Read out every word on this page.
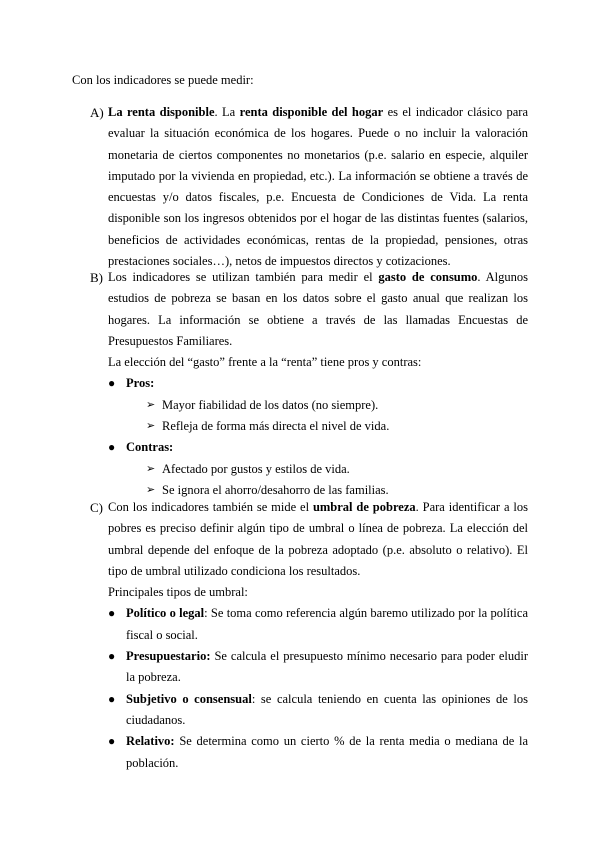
Con los indicadores se puede medir:

A) La renta disponible. La renta disponible del hogar es el indicador clásico para evaluar la situación económica de los hogares. Puede o no incluir la valoración monetaria de ciertos componentes no monetarios (p.e. salario en especie, alquiler imputado por la vivienda en propiedad, etc.). La información se obtiene a través de encuestas y/o datos fiscales, p.e. Encuesta de Condiciones de Vida. La renta disponible son los ingresos obtenidos por el hogar de las distintas fuentes (salarios, beneficios de actividades económicas, rentas de la propiedad, pensiones, otras prestaciones sociales…), netos de impuestos directos y cotizaciones.

B) Los indicadores se utilizan también para medir el gasto de consumo. Algunos estudios de pobreza se basan en los datos sobre el gasto anual que realizan los hogares. La información se obtiene a través de las llamadas Encuestas de Presupuestos Familiares.

La elección del “gasto” frente a la “renta” tiene pros y contras:

● Pros:

➢ Mayor fiabilidad de los datos (no siempre).

➢ Refleja de forma más directa el nivel de vida.

● Contras:

➢ Afectado por gustos y estilos de vida.

➢ Se ignora el ahorro/desahorro de las familias.

C) Con los indicadores también se mide el umbral de pobreza. Para identificar a los pobres es preciso definir algún tipo de umbral o línea de pobreza. La elección del umbral depende del enfoque de la pobreza adoptado (p.e. absoluto o relativo). El tipo de umbral utilizado condiciona los resultados.

Principales tipos de umbral:

● Político o legal: Se toma como referencia algún baremo utilizado por la política fiscal o social.

● Presupuestario: Se calcula el presupuesto mínimo necesario para poder eludir la pobreza.

● Subjetivo o consensual: se calcula teniendo en cuenta las opiniones de los ciudadanos.

● Relativo: Se determina como un cierto % de la renta media o mediana de la población.
